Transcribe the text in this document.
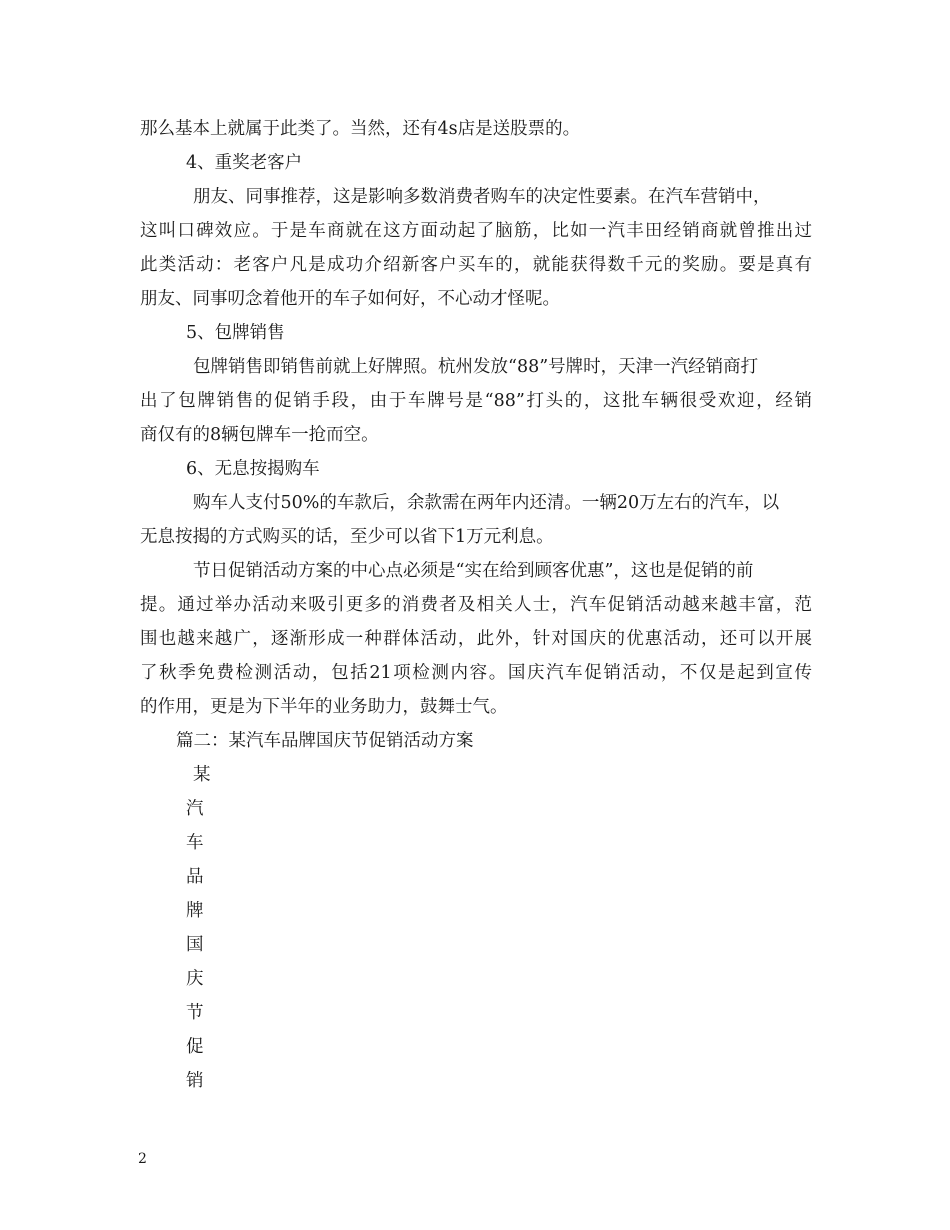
那么基本上就属于此类了。当然，还有4s店是送股票的。
4、重奖老客户
朋友、同事推荐，这是影响多数消费者购车的决定性要素。在汽车营销中，
这叫口碑效应。于是车商就在这方面动起了脑筋，比如一汽丰田经销商就曾推出过
此类活动：老客户凡是成功介绍新客户买车的，就能获得数千元的奖励。要是真有
朋友、同事叨念着他开的车子如何好，不心动才怪呢。
5、包牌销售
包牌销售即销售前就上好牌照。杭州发放“88”号牌时，天津一汽经销商打
出了包牌销售的促销手段，由于车牌号是“88”打头的，这批车辆很受欢迎，经销
商仅有的8辆包牌车一抢而空。
6、无息按揭购车
购车人支付50%的车款后，余款需在两年内还清。一辆20万左右的汽车，以
无息按揭的方式购买的话，至少可以省下1万元利息。
节日促销活动方案的中心点必须是“实在给到顾客优惠”，这也是促销的前
提。通过举办活动来吸引更多的消费者及相关人士，汽车促销活动越来越丰富，范
围也越来越广，逐渐形成一种群体活动，此外，针对国庆的优惠活动，还可以开展
了秋季免费检测活动，包括21项检测内容。国庆汽车促销活动，不仅是起到宣传
的作用，更是为下半年的业务助力，鼓舞士气。
篇二：某汽车品牌国庆节促销活动方案
某
汽
车
品
牌
国
庆
节
促
销
2
